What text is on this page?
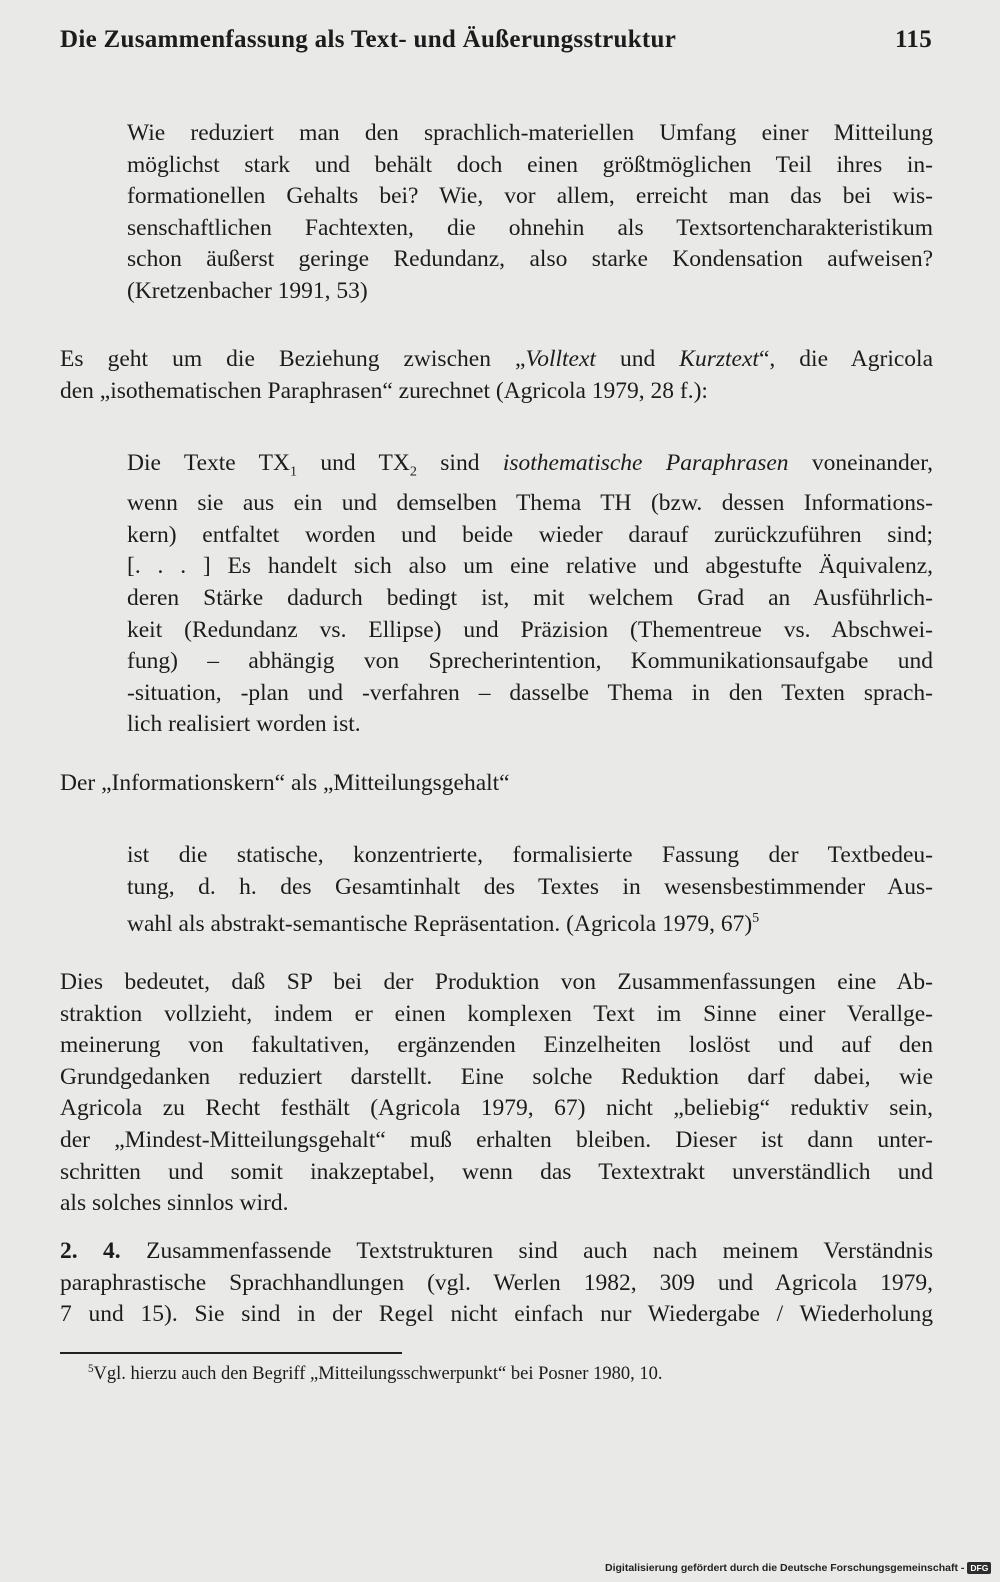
Die Zusammenfassung als Text- und Äußerungsstruktur	115
Wie reduziert man den sprachlich-materiellen Umfang einer Mitteilung
möglichst stark und behält doch einen größtmöglichen Teil ihres in-
formationellen Gehalts bei? Wie, vor allem, erreicht man das bei wis-
senschaftlichen Fachtexten, die ohnehin als Textsortencharakteristikum
schon äußerst geringe Redundanz, also starke Kondensation aufweisen?
(Kretzenbacher 1991, 53)
Es geht um die Beziehung zwischen „Volltext und Kurztext“, die Agricola
den „isothematischen Paraphrasen“ zurechnet (Agricola 1979, 28 f.):
Die Texte $TX_1$ und $TX_2$ sind isothematische Paraphrasen voneinander,
wenn sie aus ein und demselben Thema TH (bzw. dessen Informations-
kern) entfaltet worden und beide wieder darauf zurückzuführen sind;
[. . . ] Es handelt sich also um eine relative und abgestufte Äquivalenz,
deren Stärke dadurch bedingt ist, mit welchem Grad an Ausführlich-
keit (Redundanz vs. Ellipse) und Präzision (Thementreue vs. Abschwei-
fung) – abhängig von Sprecherintention, Kommunikationsaufgabe und
-situation, -plan und -verfahren – dasselbe Thema in den Texten sprach-
lich realisiert worden ist.
Der „Informationskern“ als „Mitteilungsgehalt“
ist die statische, konzentrierte, formalisierte Fassung der Textbedeu-
tung, d. h. des Gesamtinhalt des Textes in wesensbestimmender Aus-
wahl als abstrakt-semantische Repräsentation. (Agricola 1979, 67)$^5$
Dies bedeutet, daß SP bei der Produktion von Zusammenfassungen eine Ab-
straktion vollzieht, indem er einen komplexen Text im Sinne einer Verallge-
meinerung von fakultativen, ergänzenden Einzelheiten loslöst und auf den
Grundgedanken reduziert darstellt. Eine solche Reduktion darf dabei, wie
Agricola zu Recht festhält (Agricola 1979, 67) nicht „beliebig“ reduktiv sein,
der „Mindest-Mitteilungsgehalt“ muß erhalten bleiben. Dieser ist dann unter-
schritten und somit inakzeptabel, wenn das Textextrakt unverständlich und
als solches sinnlos wird.
2. 4. Zusammenfassende Textstrukturen sind auch nach meinem Verständnis
paraphrastische Sprachhandlungen (vgl. Werlen 1982, 309 und Agricola 1979,
7 und 15). Sie sind in der Regel nicht einfach nur Wiedergabe / Wiederholung
$^5$Vgl. hierzu auch den Begriff „Mitteilungsschwerpunkt“ bei Posner 1980, 10.
Digitalisierung gefördert durch die Deutsche Forschungsgemeinschaft - DFG
